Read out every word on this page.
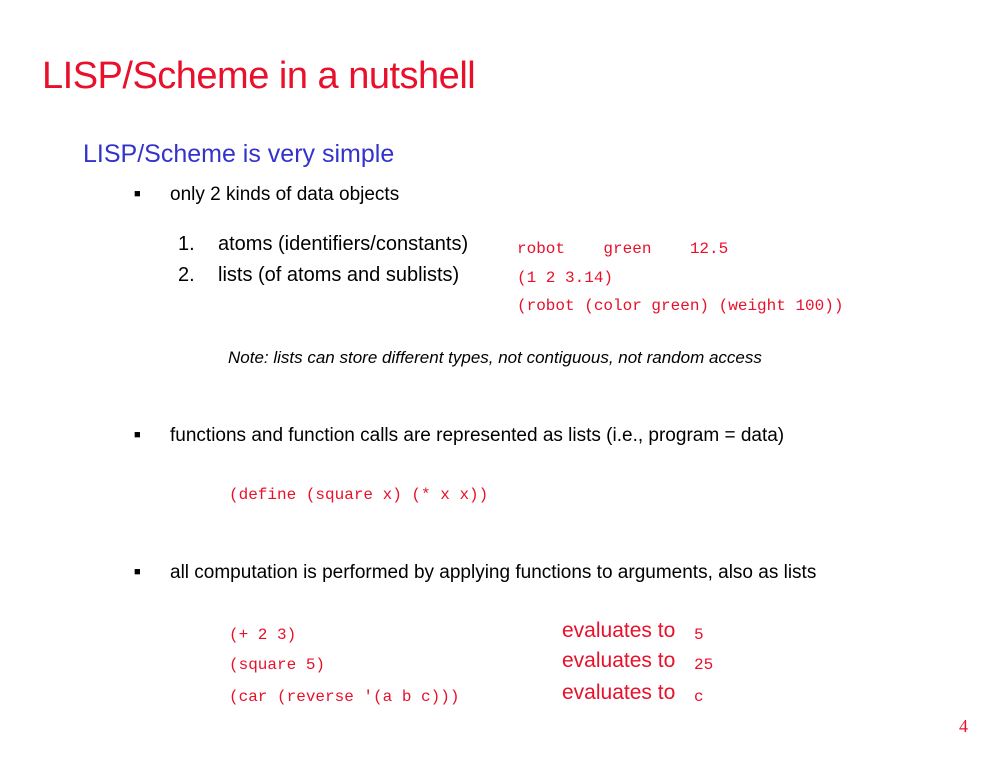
LISP/Scheme in a nutshell
LISP/Scheme is very simple
■ only 2 kinds of data objects
1. atoms (identifiers/constants)	robot    green    12.5
2. lists (of atoms and sublists)	(1 2 3.14)
(robot (color green) (weight 100))
Note: lists can store different types, not contiguous, not random access
■ functions and function calls are represented as lists (i.e., program = data)
(define (square x) (* x x))
■ all computation is performed by applying functions to arguments, also as lists
(+ 2 3)	evaluates to 5
(square 5)	evaluates to 25
(car (reverse '(a b c)))	evaluates to c
4
